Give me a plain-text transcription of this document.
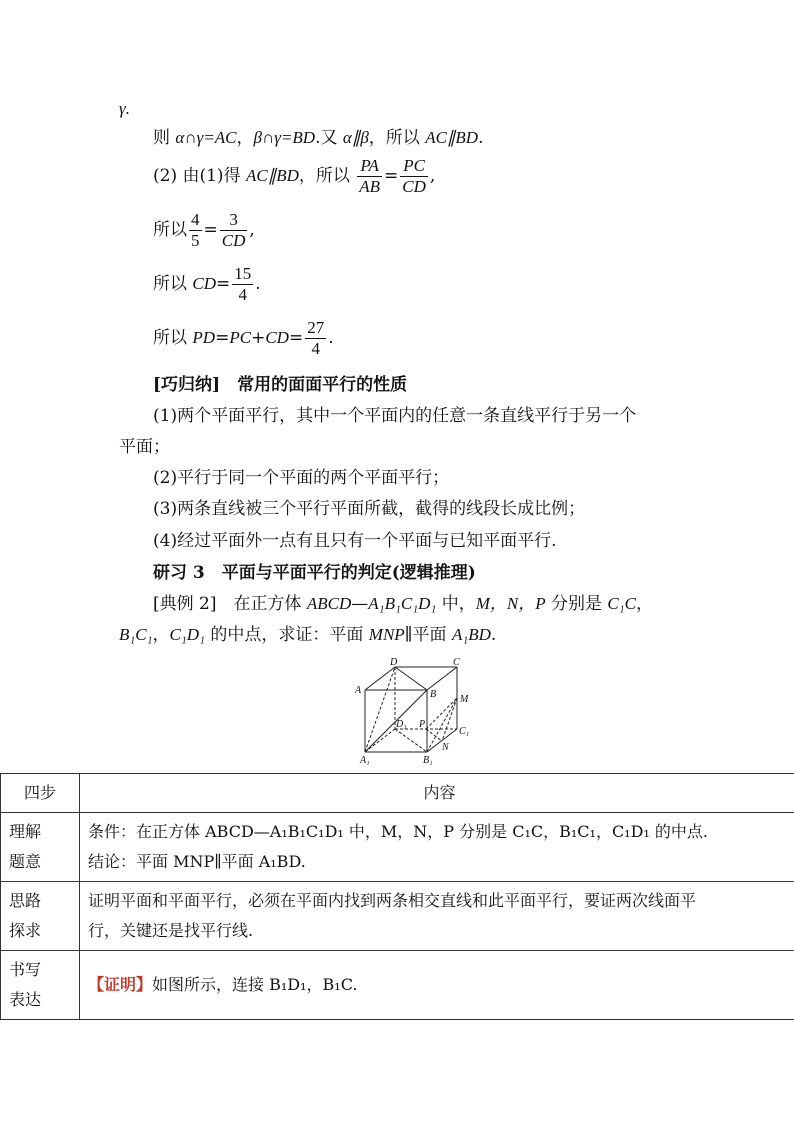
γ.
则 α∩γ=AC，β∩γ=BD.又 α∥β，所以 AC∥BD.
(2) 由(1)得 AC∥BD，所以 $\frac{PA}{AB} = \frac{PC}{CD}$ ,
所以 $\frac{4}{5} = \frac{3}{CD}$ ,
所以 $CD= \frac{15}{4}$ .
所以 $PD=PC+CD= \frac{27}{4}$ .
[巧归纳]　常用的面面平行的性质
(1)两个平面平行，其中一个平面内的任意一条直线平行于另一个
平面；
(2)平行于同一个平面的两个平面平行；
(3)两条直线被三个平行平面所截，截得的线段长成比例；
(4)经过平面外一点有且只有一个平面与已知平面平行.
研习 3　平面与平面平行的判定(逻辑推理)
[典例 2]　在正方体 ABCD—A₁B₁C₁D₁ 中，M，N，P 分别是 C₁C，
B₁C₁，C₁D₁ 的中点，求证：平面 MNP∥平面 A₁BD.
D	C
A	B M
D₁ P
C₁
N
A₁	B₁
四步	内容
理解
题意	条件：在正方体 ABCD—A₁B₁C₁D₁ 中，M，N，P 分别是 C₁C，B₁C₁，C₁D₁ 的中点.
结论：平面 MNP∥平面 A₁BD.
思路
探求	证明平面和平面平行，必须在平面内找到两条相交直线和此平面平行，要证两次线面平
行，关键还是找平行线.
书写
表达	【证明】如图所示，连接 B₁D₁，B₁C.
